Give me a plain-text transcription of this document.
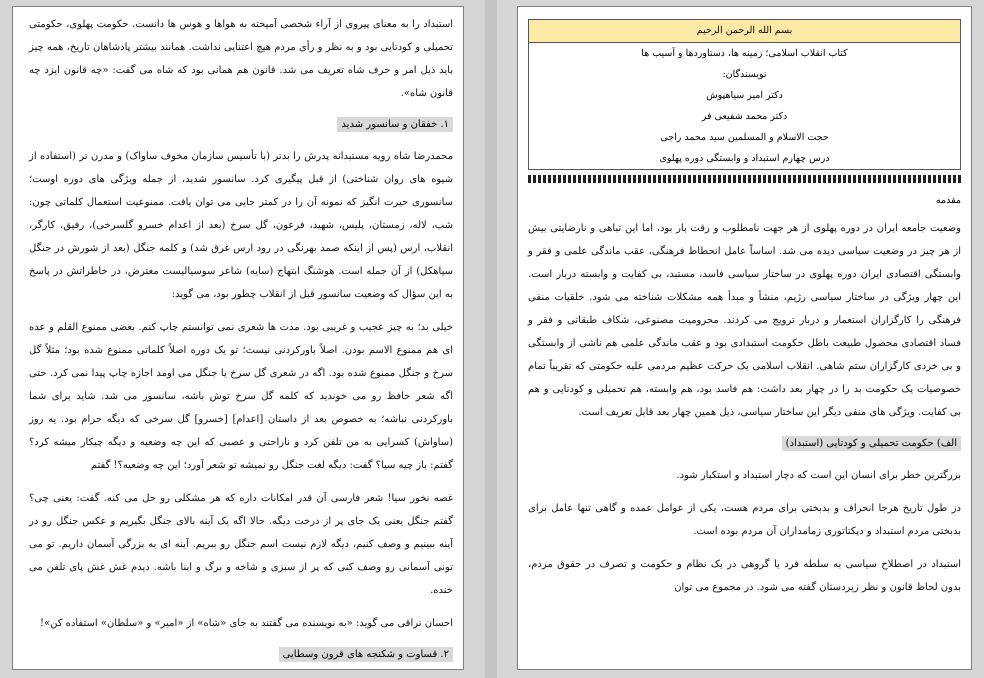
استبداد را به معنای پیروی از آراء شخصی آمیخته به هواها و هوس ها دانست. حکومت پهلوی، حکومتی تحمیلی و کودتایی بود و به نظر و رأی مردم هیچ اعتنایی نداشت. همانند بیشتر پادشاهان تاریخ، همه چیز باید ذیل امر و حرف شاه تعریف می شد. قانون هم همانی بود که شاه می گفت: «چه قانون ایزد چه قانون شاه».

۱. خفقان و سانسور شدید

محمدرضا شاه رویه مستبدانه پدرش را بدتر (با تأسیس سازمان مخوف ساواک) و مدرن تر (استفاده از شیوه های روان شناختی) از قبل پیگیری کرد. سانسور شدید، از جمله ویژگی های دوره اوست؛ سانسوری حیرت انگیز که نمونه آن را در کمتر جایی می توان یافت. ممنوعیت استعمال کلماتی چون: شب، لاله، زمستان، پلیس، شهید، فرعون، گل سرخ (بعد از اعدام خسرو گلسرخی)، رفیق، کارگر، انقلاب، ارس (پس از اینکه صمد بهرنگی در رود ارس غرق شد) و کلمه جنگل (بعد از شورش در جنگل سیاهکل) از آن جمله است. هوشنگ ابتهاج (سایه) شاعر سوسیالیست معترض، در خاطراتش در پاسخ به این سؤال که وضعیت سانسور قبل از انقلاب چطور بود، می گوید:

خیلی بد؛ به چیز عجیب و غریبی بود. مدت ها شعری نمی توانستم چاپ کنم. بعضی ممنوع القلم و عده ای هم ممنوع الاسم بودن. اصلاً باورکردنی نیست؛ تو یک دوره اصلاً کلماتی ممنوع شده بود؛ مثلاً گل سرخ و جنگل ممنوع شده بود. اگه در شعری گل سرخ یا جنگل می اومد اجازه چاپ پیدا نمی کرد. حتی اگه شعر حافظ رو می خوندید که کلمه گل سرخ توش باشه، سانسور می شد. شاید برای شما باورکردنی نباشه؛ به خصوص بعد از داستان [اعدام] [خسرو] گل سرخی که دیگه حرام بود. یه روز (ساواش) کسرایی به من تلفن کرد و ناراحتی و عصبی که این چه وضعیه و دیگه چیکار میشه کرد؟ گفتم: باز چیه سیا؟ گفت: دیگه لغت جنگل رو نمیشه تو شعر آورد؛ این چه وضعیه؟! گفتم

غصه نخور سیا! شعر فارسی آن قدر امکانات داره که هر مشکلی رو حل می کنه. گفت: یعنی چی؟ گفتم جنگل یعنی یک جای پر از درخت دیگه. حالا اگه یک آینه بالای جنگل بگیریم و عکس جنگل رو در آینه ببینیم و وصف کنیم، دیگه لازم نیست اسم جنگل رو ببریم. آینه ای به بزرگی آسمان داریم. تو می تونی آسمانی رو وصف کنی که پر از سبزی و شاخه و برگ و ابنا باشه. دیدم غش غش پای تلفن می خنده.

احسان نراقی می گوید: «به نویسنده می گفتند به جای «شاه» از «امیر» و «سلطان» استفاده کن»!

۲. قساوت و شکنجه های قرون وسطایی
بسم الله الرحمن الرحیم
کتاب انقلاب اسلامی؛ زمینه ها، دستاوردها و آسیب ها
نویسندگان:
دکتر امیر سیاهپوش
دکتر محمد شفیعی فر
حجت الاسلام و المسلمین سید محمد راجی
درس چهارم استبداد و وابستگی دوره پهلوی
مقدمه

وضعیت جامعه ایران در دوره پهلوی از هر جهت نامطلوب و رقت بار بود، اما این تباهی و نارضایتی بیش از هر چیز در وضعیت سیاسی دیده می شد. اساساً عامل انحطاط فرهنگی، عقب ماندگی علمی و فقر و وابستگی اقتصادی ایران دوره پهلوی در ساختار سیاسی فاسد، مستبد، بی کفایت و وابسته دربار است. این چهار ویژگی در ساختار سیاسی رژیم، منشأ و مبدأ همه مشکلات شناخته می شود. خلقیات منفی فرهنگی را کارگزاران استعمار و دربار ترویج می کردند. محرومیت مصنوعی، شکاف طبقاتی و فقر و فساد اقتصادی محصول طبیعت باطل حکومت استبدادی بود و عقب ماندگی علمی هم ناشی از وابستگی و بی خردی کارگزاران ستم شاهی. انقلاب اسلامی یک حرکت عظیم مردمی علیه حکومتی که تقریباً تمام خصوصیات یک حکومت بد را در چهار بعد داشت: هم فاسد بود، هم وابسته، هم تحمیلی و کودتایی و هم بی کفایت. ویژگی های منفی دیگر این ساختار سیاسی، ذیل همین چهار بعد قابل تعریف است.

الف) حکومت تحمیلی و کودتایی (استبداد)

بزرگترین خطر برای انسان این است که دچار استبداد و استکبار شود.

در طول تاریخ هرجا انحراف و بدبختی برای مردم هست، یکی از عوامل عمده و گاهی تنها عامل برای بدبختی مردم استبداد و دیکتاتوری زمامداران آن مردم بوده است.

استبداد در اصطلاح سیاسی به سلطه فرد یا گروهی در یک نظام و حکومت و تصرف در حقوق مردم، بدون لحاظ قانون و نظر زیردستان گفته می شود. در مجموع می توان
